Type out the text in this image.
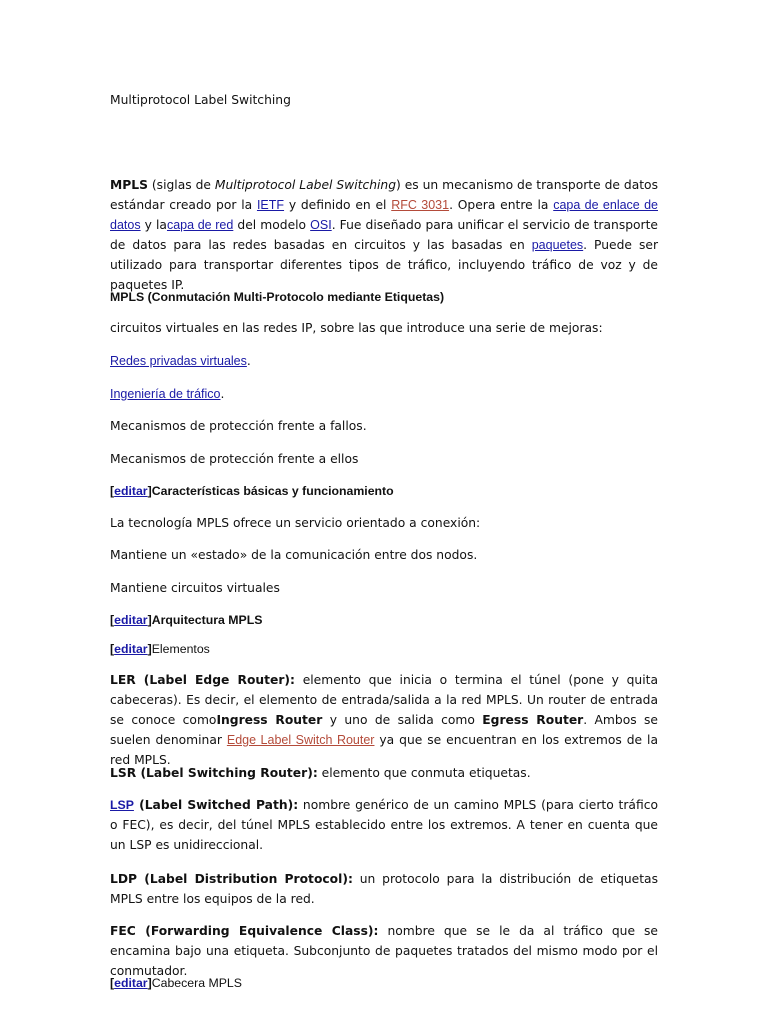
Multiprotocol Label Switching

MPLS (siglas de Multiprotocol Label Switching) es un mecanismo de transporte de datos estándar creado por la IETF y definido en el RFC 3031. Opera entre la capa de enlace de datos y lacapa de red del modelo OSI. Fue diseñado para unificar el servicio de transporte de datos para las redes basadas en circuitos y las basadas en paquetes. Puede ser utilizado para transportar diferentes tipos de tráfico, incluyendo tráfico de voz y de paquetes IP.

MPLS (Conmutación Multi-Protocolo mediante Etiquetas)

circuitos virtuales en las redes IP, sobre las que introduce una serie de mejoras:

Redes privadas virtuales.

Ingeniería de tráfico.

Mecanismos de protección frente a fallos.

Mecanismos de protección frente a ellos

[editar]Características básicas y funcionamiento

La tecnología MPLS ofrece un servicio orientado a conexión:

Mantiene un «estado» de la comunicación entre dos nodos.

Mantiene circuitos virtuales

[editar]Arquitectura MPLS

[editar]Elementos

LER (Label Edge Router): elemento que inicia o termina el túnel (pone y quita cabeceras). Es decir, el elemento de entrada/salida a la red MPLS. Un router de entrada se conoce comoIngress Router y uno de salida como Egress Router. Ambos se suelen denominar Edge Label Switch Router ya que se encuentran en los extremos de la red MPLS.

LSR (Label Switching Router): elemento que conmuta etiquetas.

LSP (Label Switched Path): nombre genérico de un camino MPLS (para cierto tráfico o FEC), es decir, del túnel MPLS establecido entre los extremos. A tener en cuenta que un LSP es unidireccional.

LDP (Label Distribution Protocol): un protocolo para la distribución de etiquetas MPLS entre los equipos de la red.

FEC (Forwarding Equivalence Class): nombre que se le da al tráfico que se encamina bajo una etiqueta. Subconjunto de paquetes tratados del mismo modo por el conmutador.

[editar]Cabecera MPLS
